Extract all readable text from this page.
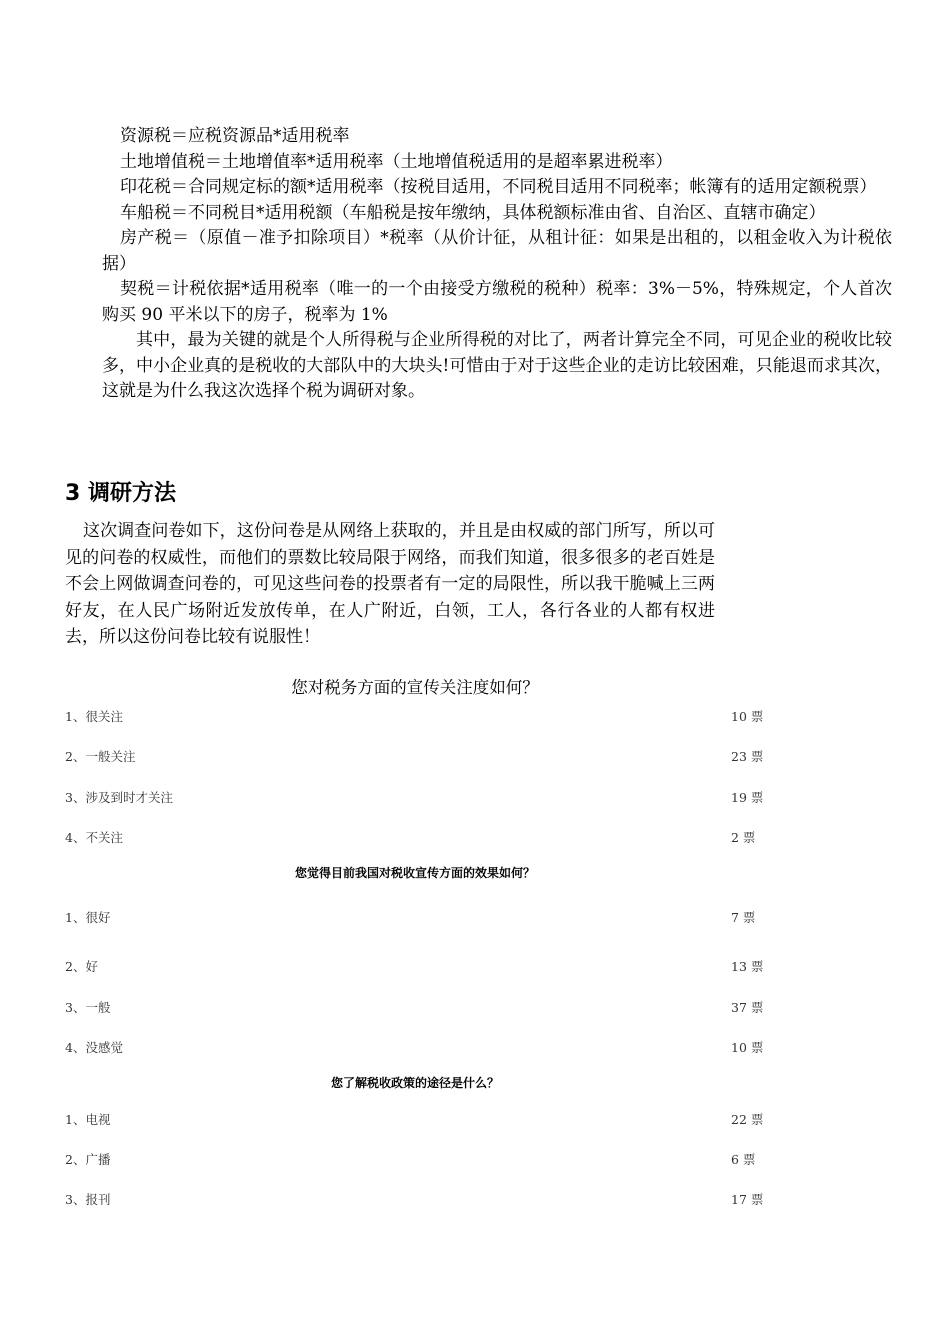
资源税＝应税资源品*适用税率

土地增值税＝土地增值率*适用税率（土地增值税适用的是超率累进税率）

印花税＝合同规定标的额*适用税率（按税目适用，不同税目适用不同税率；帐簿有的适用定额税票）

车船税＝不同税目*适用税额（车船税是按年缴纳，具体税额标准由省、自治区、直辖市确定）

房产税＝（原值－准予扣除项目）*税率（从价计征，从租计征：如果是出租的，以租金收入为计税依据）

契税＝计税依据*适用税率（唯一的一个由接受方缴税的税种）税率：3%－5%，特殊规定，个人首次购买 90 平米以下的房子，税率为 1%

其中，最为关键的就是个人所得税与企业所得税的对比了，两者计算完全不同，可见企业的税收比较多，中小企业真的是税收的大部队中的大块头!可惜由于对于这些企业的走访比较困难，只能退而求其次，这就是为什么我这次选择个税为调研对象。

3 调研方法

这次调查问卷如下，这份问卷是从网络上获取的，并且是由权威的部门所写，所以可见的问卷的权威性，而他们的票数比较局限于网络，而我们知道，很多很多的老百姓是不会上网做调查问卷的，可见这些问卷的投票者有一定的局限性，所以我干脆喊上三两好友，在人民广场附近发放传单，在人广附近，白领，工人，各行各业的人都有权进去，所以这份问卷比较有说服性！

您对税务方面的宣传关注度如何？

1、很关注	10 票
2、一般关注	23 票
3、涉及到时才关注	19 票
4、不关注	2 票

您觉得目前我国对税收宣传方面的效果如何？

1、很好	7 票
2、好	13 票
3、一般	37 票
4、没感觉	10 票

您了解税收政策的途径是什么？

1、电视	22 票
2、广播	6 票
3、报刊	17 票
